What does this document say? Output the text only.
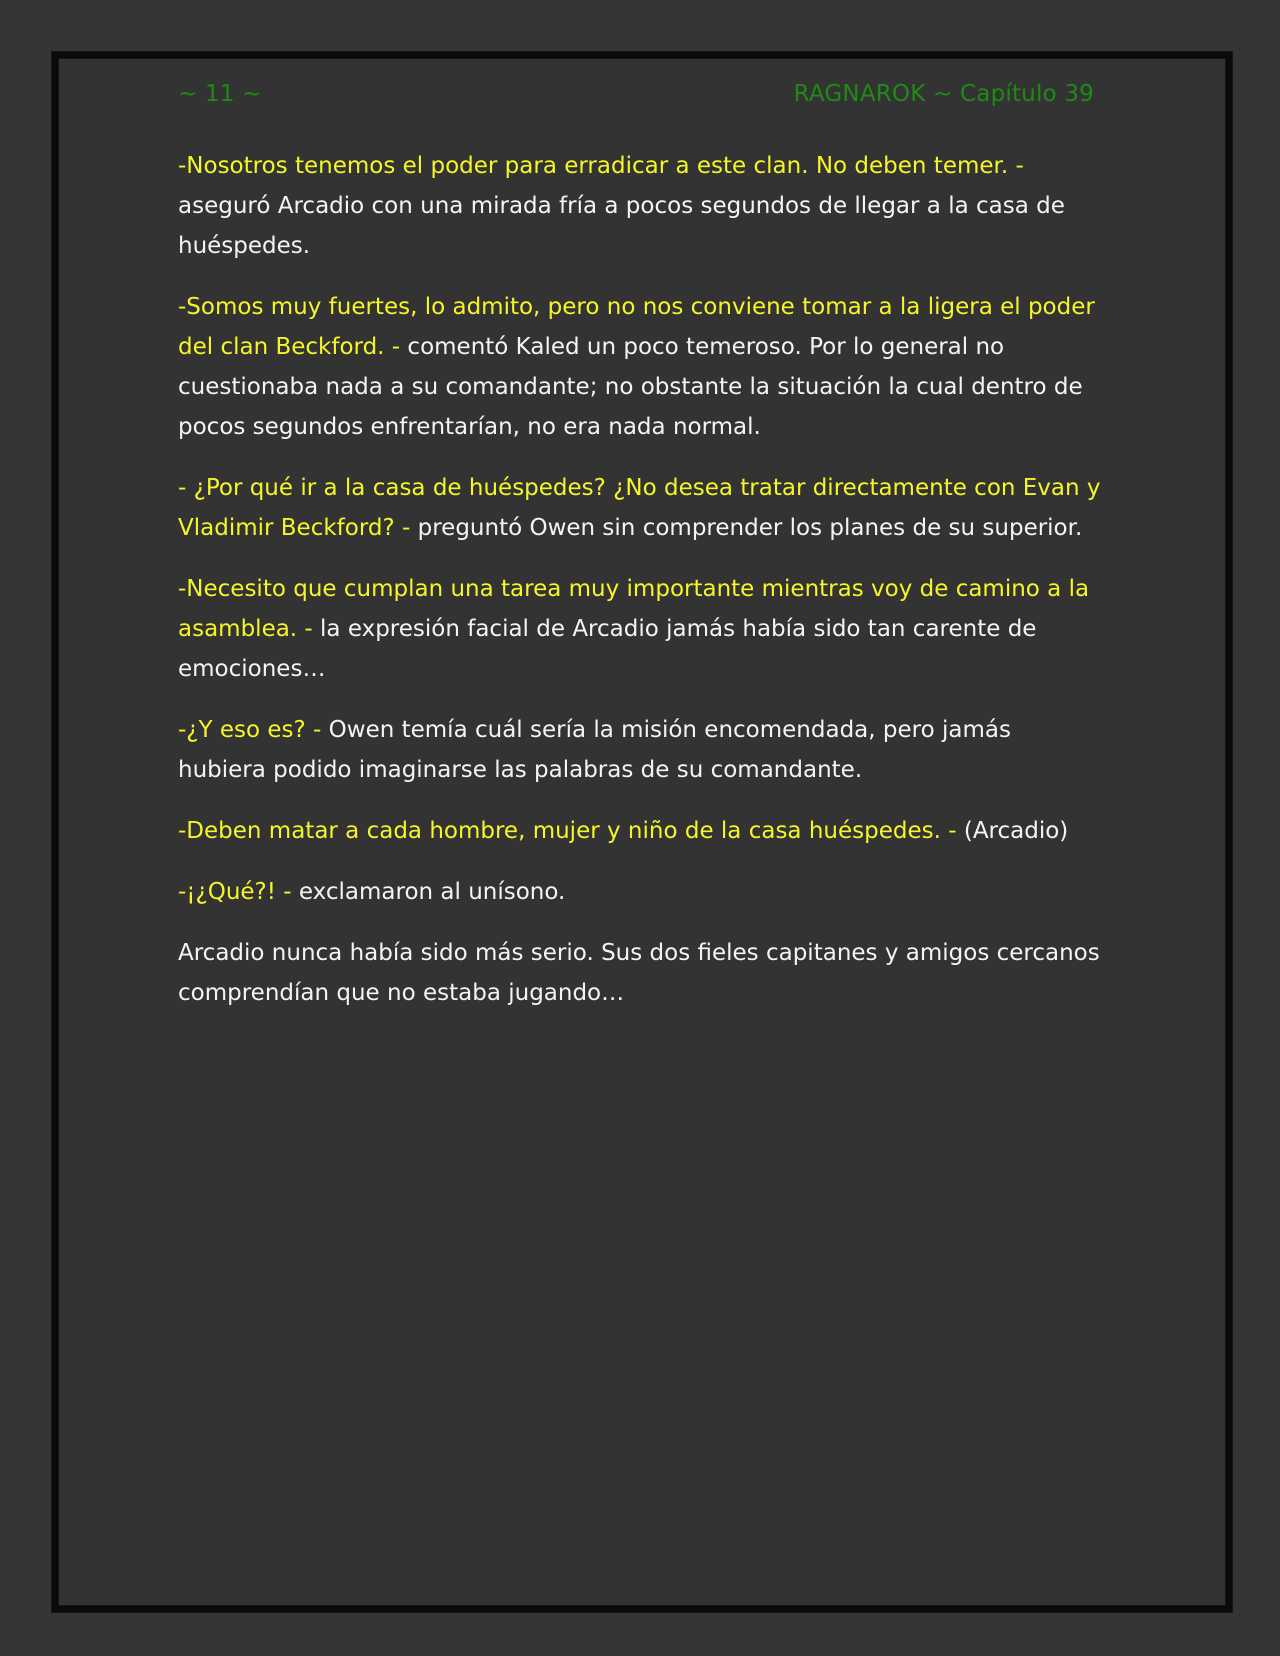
~ 11 ~	RAGNAROK ~ Capítulo 39

-Nosotros tenemos el poder para erradicar a este clan. No deben temer. - aseguró Arcadio con una mirada fría a pocos segundos de llegar a la casa de huéspedes.

-Somos muy fuertes, lo admito, pero no nos conviene tomar a la ligera el poder del clan Beckford. - comentó Kaled un poco temeroso. Por lo general no cuestionaba nada a su comandante; no obstante la situación la cual dentro de pocos segundos enfrentarían, no era nada normal.

- ¿Por qué ir a la casa de huéspedes? ¿No desea tratar directamente con Evan y Vladimir Beckford? - preguntó Owen sin comprender los planes de su superior.

-Necesito que cumplan una tarea muy importante mientras voy de camino a la asamblea. - la expresión facial de Arcadio jamás había sido tan carente de emociones…

-¿Y eso es? - Owen temía cuál sería la misión encomendada, pero jamás hubiera podido imaginarse las palabras de su comandante.

-Deben matar a cada hombre, mujer y niño de la casa huéspedes. - (Arcadio)

-¡¿Qué?! - exclamaron al unísono.

Arcadio nunca había sido más serio. Sus dos fieles capitanes y amigos cercanos comprendían que no estaba jugando…
